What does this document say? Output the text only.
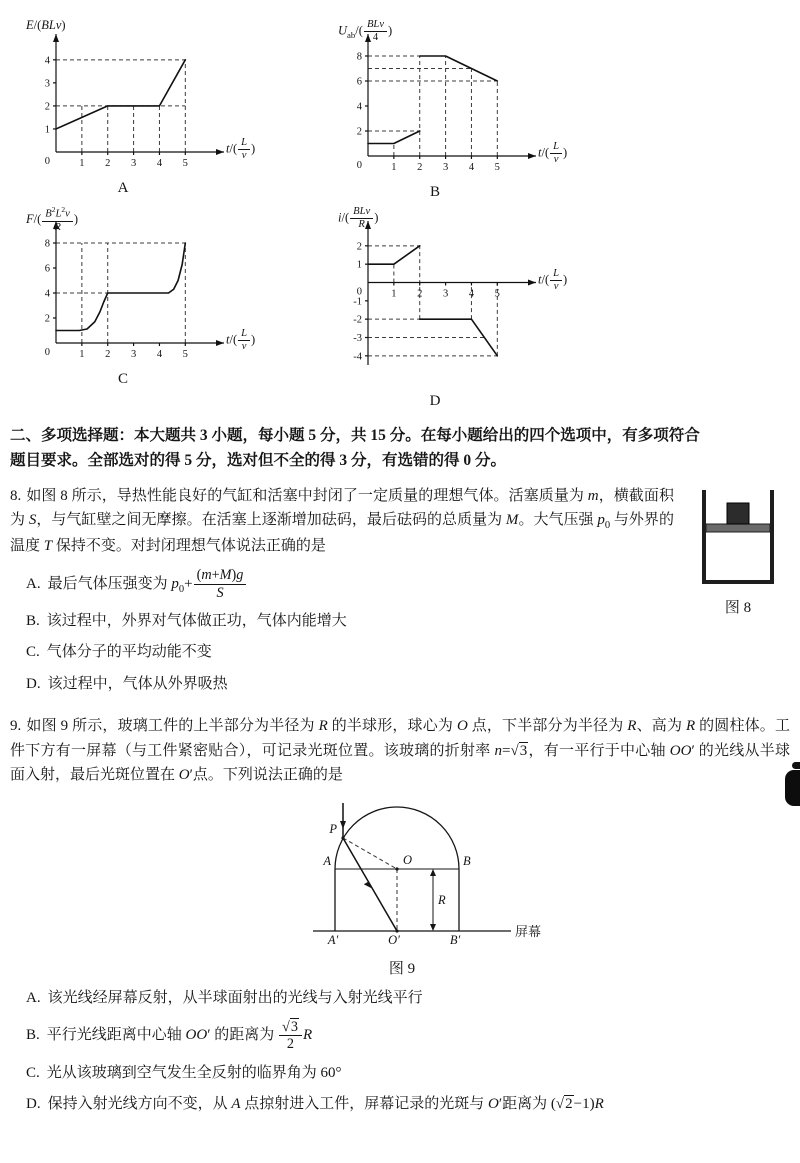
1 2 3 4 5
0
1
2
3
4
E/(BLv)
$t/( \frac{L}{v}$ )
A
1 2 3 4 5
0
2
4
6
8
$U_{ab}/( \frac{\text{BLv}}{4}$ )
$t/( \frac{L}{v}$ )
B
1 2 3 4 5
0
2
4
6
8
$F/( \frac{B^2L^2v}{R}$ )
$t/( \frac{L}{v}$ )
C
1 2 3 4 5
-4
-3
-2
-1
0
1
2
$i/( \frac{\text{BLv}}{R}$ )
$t/( \frac{L}{v}$ )
D
二、多项选择题：本大题共 3 小题，每小题 5 分，共 15 分。在每小题给出的四个选项中，有多项符合
题目要求。全部选对的得 5 分，选对但不全的得 3 分，有选错的得 0 分。
图 8

8. 如图 8 所示，导热性能良好的气缸和活塞中封闭了一定质量的理想气体。活塞质量为 m，横截面积为 S，与气缸壁之间无摩擦。在活塞上逐渐增加砝码，最后砝码的总质量为 M。大气压强 $p_0$ 与外界的温度 T 保持不变。对封闭理想气体说法正确的是

A. 最后气体压强变为 $p_0+ \frac{(m+M)g}{S}$
B. 该过程中，外界对气体做正功，气体内能增大
C. 气体分子的平均动能不变
D. 该过程中，气体从外界吸热

9. 如图 9 所示，玻璃工件的上半部分为半径为 R 的半球形，球心为 O 点，下半部分为半径为 R、高为 R 的圆柱体。工件下方有一屏幕（与工件紧密贴合），可记录光斑位置。该玻璃的折射率 n=√3，有一平行于中心轴 OO′ 的光线从半球面入射，最后光斑位置在 O′点。下列说法正确的是

P
O
A	B
A′	O′	B′
R
屏幕
图 9
A. 该光线经屏幕反射，从半球面射出的光线与入射光线平行
B. 平行光线距离中心轴 OO′ 的距离为 $\frac{√3}{2}$ R
C. 光从该玻璃到空气发生全反射的临界角为 60°
D. 保持入射光线方向不变，从 A 点掠射进入工件，屏幕记录的光斑与 O′距离为 (√2−1)R
